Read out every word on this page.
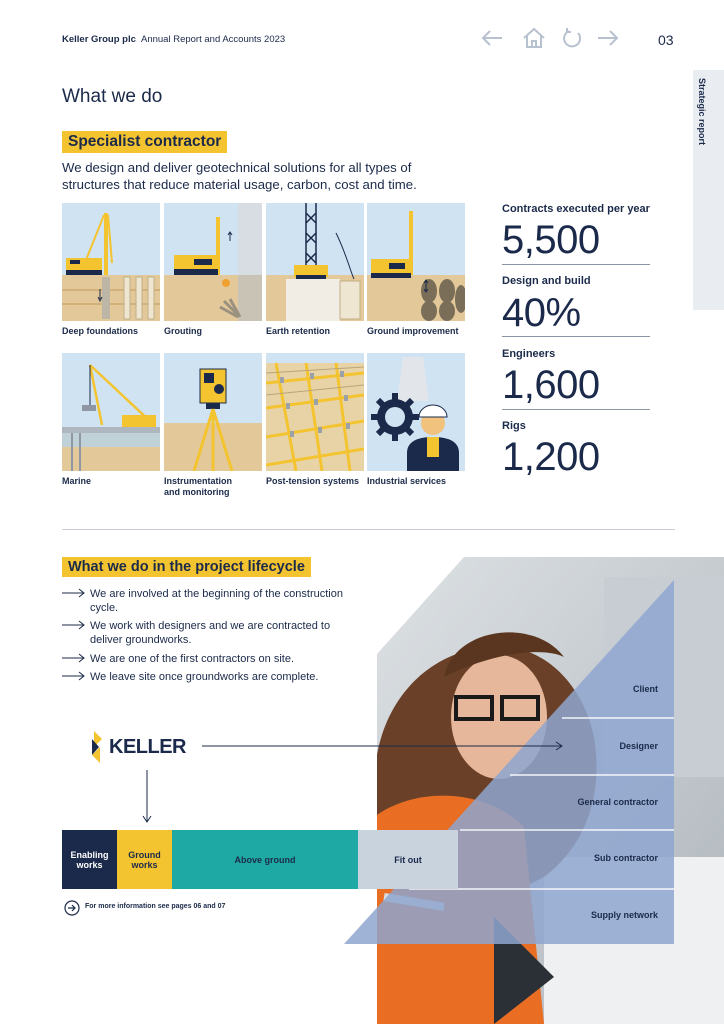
Keller Group plc Annual Report and Accounts 2023	03
Strategic report
What we do
Specialist contractor
We design and deliver geotechnical solutions for all types of structures that reduce material usage, carbon, cost and time.
Deep foundations	Grouting	Earth retention	Ground improvement
Marine	Instrumentation and monitoring
Post-tension systems Industrial services
Contracts executed per year
5,500
Design and build
40%
Engineers
1,600
Rigs
1,200
Client
Designer
General contractor
Sub contractor
Supply network
What we do in the project lifecycle
We are involved at the beginning of the construction cycle.
We work with designers and we are contracted to deliver groundworks.
We are one of the first contractors on site.
We leave site once groundworks are complete.
KELLER
Enabling works
Ground works	Above ground	Fit out
For more information see pages 06 and 07
